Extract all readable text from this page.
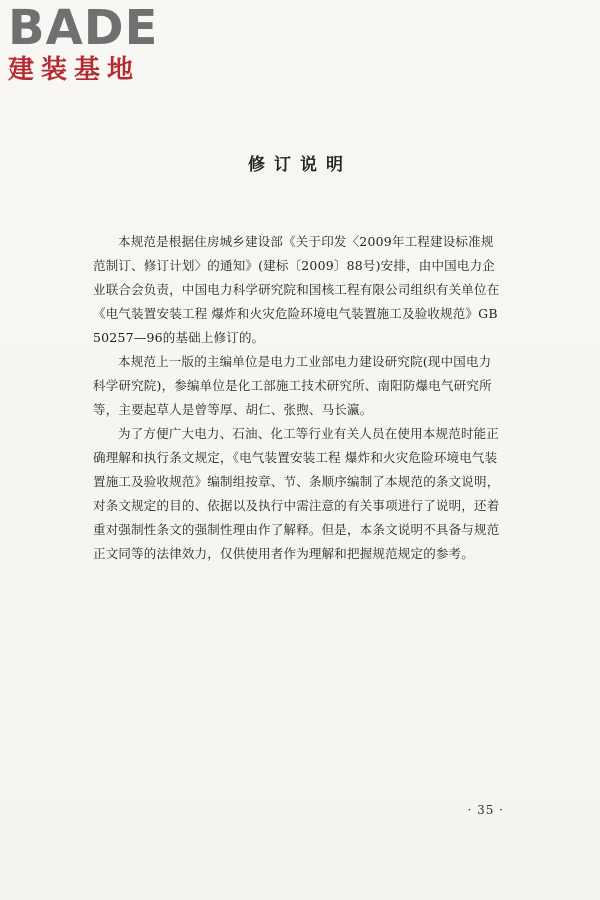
BADE
建装基地
修订说明

本规范是根据住房城乡建设部《关于印发〈2009年工程建设标准规范制订、修订计划〉的通知》(建标〔2009〕88号)安排，由中国电力企业联合会负责，中国电力科学研究院和国核工程有限公司组织有关单位在《电气装置安装工程 爆炸和火灾危险环境电气装置施工及验收规范》GB 50257—96的基础上修订的。

本规范上一版的主编单位是电力工业部电力建设研究院(现中国电力科学研究院)，参编单位是化工部施工技术研究所、南阳防爆电气研究所等，主要起草人是曾等厚、胡仁、张煦、马长瀛。

为了方便广大电力、石油、化工等行业有关人员在使用本规范时能正确理解和执行条文规定，《电气装置安装工程 爆炸和火灾危险环境电气装置施工及验收规范》编制组按章、节、条顺序编制了本规范的条文说明，对条文规定的目的、依据以及执行中需注意的有关事项进行了说明，还着重对强制性条文的强制性理由作了解释。但是，本条文说明不具备与规范正文同等的法律效力，仅供使用者作为理解和把握规范规定的参考。

· 35 ·
